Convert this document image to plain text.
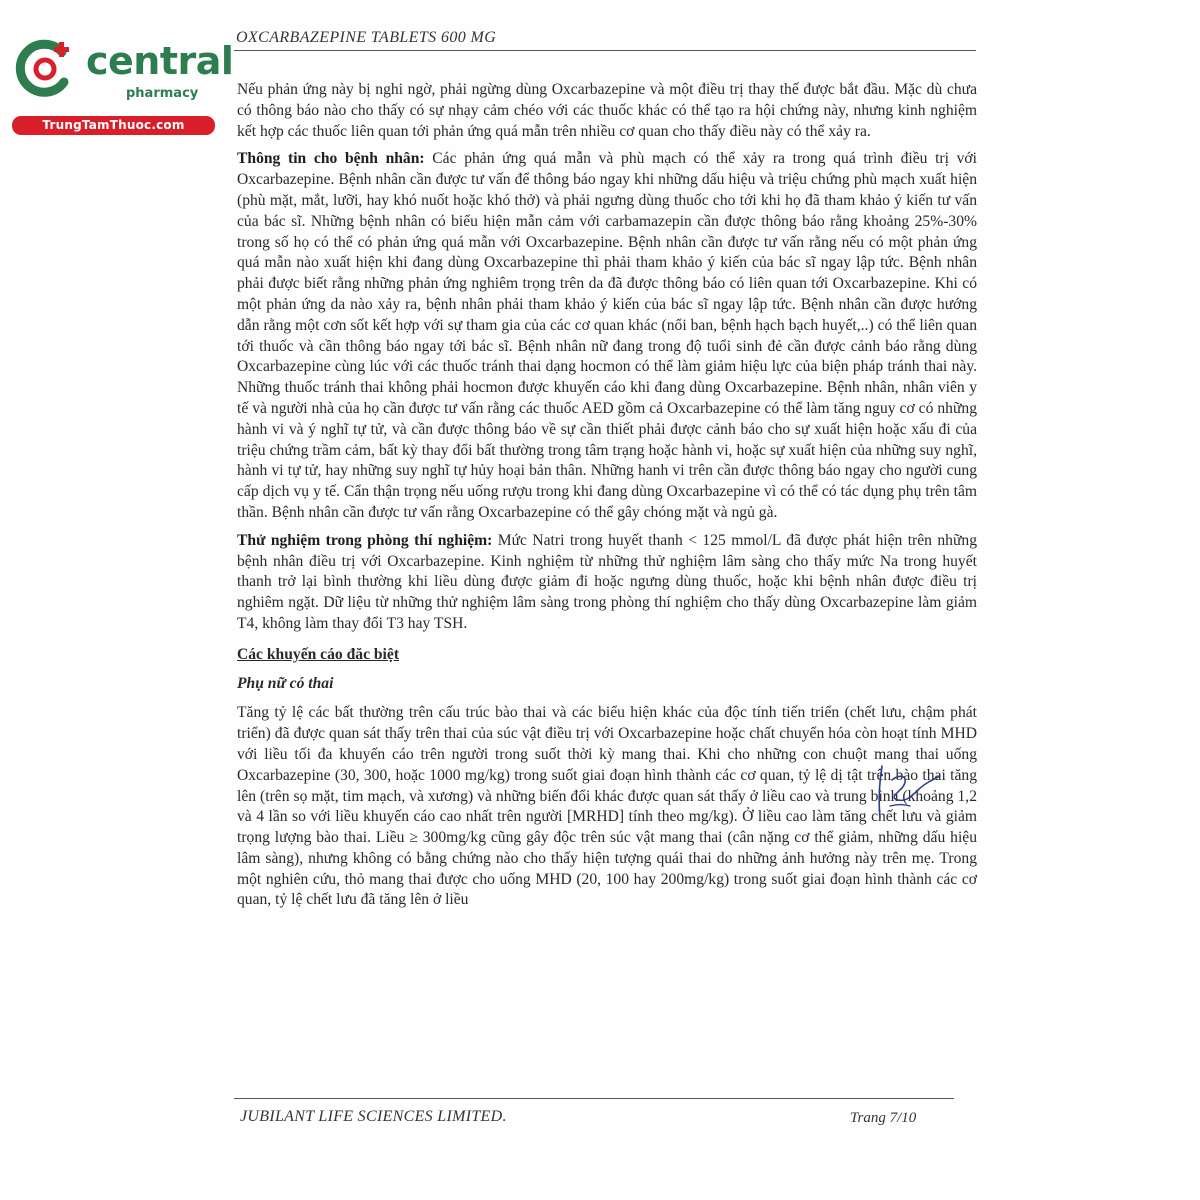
central
pharmacy
TrungTamThuoc.com
OXCARBAZEPINE TABLETS 600 MG

Nếu phản ứng này bị nghi ngờ, phải ngừng dùng Oxcarbazepine và một điều trị thay thế được bắt đầu. Mặc dù chưa có thông báo nào cho thấy có sự nhạy cảm chéo với các thuốc khác có thể tạo ra hội chứng này, nhưng kinh nghiệm kết hợp các thuốc liên quan tới phản ứng quá mẫn trên nhiều cơ quan cho thấy điều này có thể xảy ra.

Thông tin cho bệnh nhân: Các phản ứng quá mẫn và phù mạch có thể xảy ra trong quá trình điều trị với Oxcarbazepine. Bệnh nhân cần được tư vấn để thông báo ngay khi những dấu hiệu và triệu chứng phù mạch xuất hiện (phù mặt, mắt, lưỡi, hay khó nuốt hoặc khó thở) và phải ngưng dùng thuốc cho tới khi họ đã tham khảo ý kiến tư vấn của bác sĩ. Những bệnh nhân có biểu hiện mẫn cảm với carbamazepin cần được thông báo rằng khoảng 25%-30% trong số họ có thể có phản ứng quá mẫn với Oxcarbazepine. Bệnh nhân cần được tư vấn rằng nếu có một phản ứng quá mẫn nào xuất hiện khi đang dùng Oxcarbazepine thì phải tham khảo ý kiến của bác sĩ ngay lập tức. Bệnh nhân phải được biết rằng những phản ứng nghiêm trọng trên da đã được thông báo có liên quan tới Oxcarbazepine. Khi có một phản ứng da nào xảy ra, bệnh nhân phải tham khảo ý kiến của bác sĩ ngay lập tức. Bệnh nhân cần được hướng dẫn rằng một cơn sốt kết hợp với sự tham gia của các cơ quan khác (nổi ban, bệnh hạch bạch huyết,..) có thể liên quan tới thuốc và cần thông báo ngay tới bác sĩ. Bệnh nhân nữ đang trong độ tuổi sinh đẻ cần được cảnh báo rằng dùng Oxcarbazepine cùng lúc với các thuốc tránh thai dạng hocmon có thể làm giảm hiệu lực của biện pháp tránh thai này. Những thuốc tránh thai không phải hocmon được khuyến cáo khi đang dùng Oxcarbazepine. Bệnh nhân, nhân viên y tế và người nhà của họ cần được tư vấn rằng các thuốc AED gồm cả Oxcarbazepine có thể làm tăng nguy cơ có những hành vi và ý nghĩ tự tử, và cần được thông báo về sự cần thiết phải được cảnh báo cho sự xuất hiện hoặc xấu đi của triệu chứng trầm cảm, bất kỳ thay đổi bất thường trong tâm trạng hoặc hành vi, hoặc sự xuất hiện của những suy nghĩ, hành vi tự tử, hay những suy nghĩ tự hủy hoại bản thân. Những hanh vi trên cần được thông báo ngay cho người cung cấp dịch vụ y tế. Cẩn thận trọng nếu uống rượu trong khi đang dùng Oxcarbazepine vì có thể có tác dụng phụ trên tâm thần. Bệnh nhân cần được tư vấn rằng Oxcarbazepine có thể gây chóng mặt và ngủ gà.

Thử nghiệm trong phòng thí nghiệm: Mức Natri trong huyết thanh < 125 mmol/L đã được phát hiện trên những bệnh nhân điều trị với Oxcarbazepine. Kinh nghiệm từ những thử nghiệm lâm sàng cho thấy mức Na trong huyết thanh trở lại bình thường khi liều dùng được giảm đi hoặc ngưng dùng thuốc, hoặc khi bệnh nhân được điều trị nghiêm ngặt. Dữ liệu từ những thử nghiệm lâm sàng trong phòng thí nghiệm cho thấy dùng Oxcarbazepine làm giảm T4, không làm thay đổi T3 hay TSH.

Các khuyến cáo đăc biệt

Phụ nữ có thai

Tăng tỷ lệ các bất thường trên cấu trúc bào thai và các biểu hiện khác của độc tính tiến triển (chết lưu, chậm phát triển) đã được quan sát thấy trên thai của súc vật điều trị với Oxcarbazepine hoặc chất chuyển hóa còn hoạt tính MHD với liều tối đa khuyến cáo trên người trong suốt thời kỳ mang thai. Khi cho những con chuột mang thai uống Oxcarbazepine (30, 300, hoặc 1000 mg/kg) trong suốt giai đoạn hình thành các cơ quan, tỷ lệ dị tật trên bào thai tăng lên (trên sọ mặt, tim mạch, và xương) và những biến đổi khác được quan sát thấy ở liều cao và trung bình (khoảng 1,2 và 4 lần so với liều khuyến cáo cao nhất trên người [MRHD] tính theo mg/kg). Ở liều cao làm tăng chết lưu và giảm trọng lượng bào thai. Liều ≥ 300mg/kg cũng gây độc trên súc vật mang thai (cân nặng cơ thể giảm, những dấu hiệu lâm sàng), nhưng không có bằng chứng nào cho thấy hiện tượng quái thai do những ảnh hưởng này trên mẹ. Trong một nghiên cứu, thỏ mang thai được cho uống MHD (20, 100 hay 200mg/kg) trong suốt giai đoạn hình thành các cơ quan, tỷ lệ chết lưu đã tăng lên ở liều

JUBILANT LIFE SCIENCES LIMITED.	Trang 7/10
